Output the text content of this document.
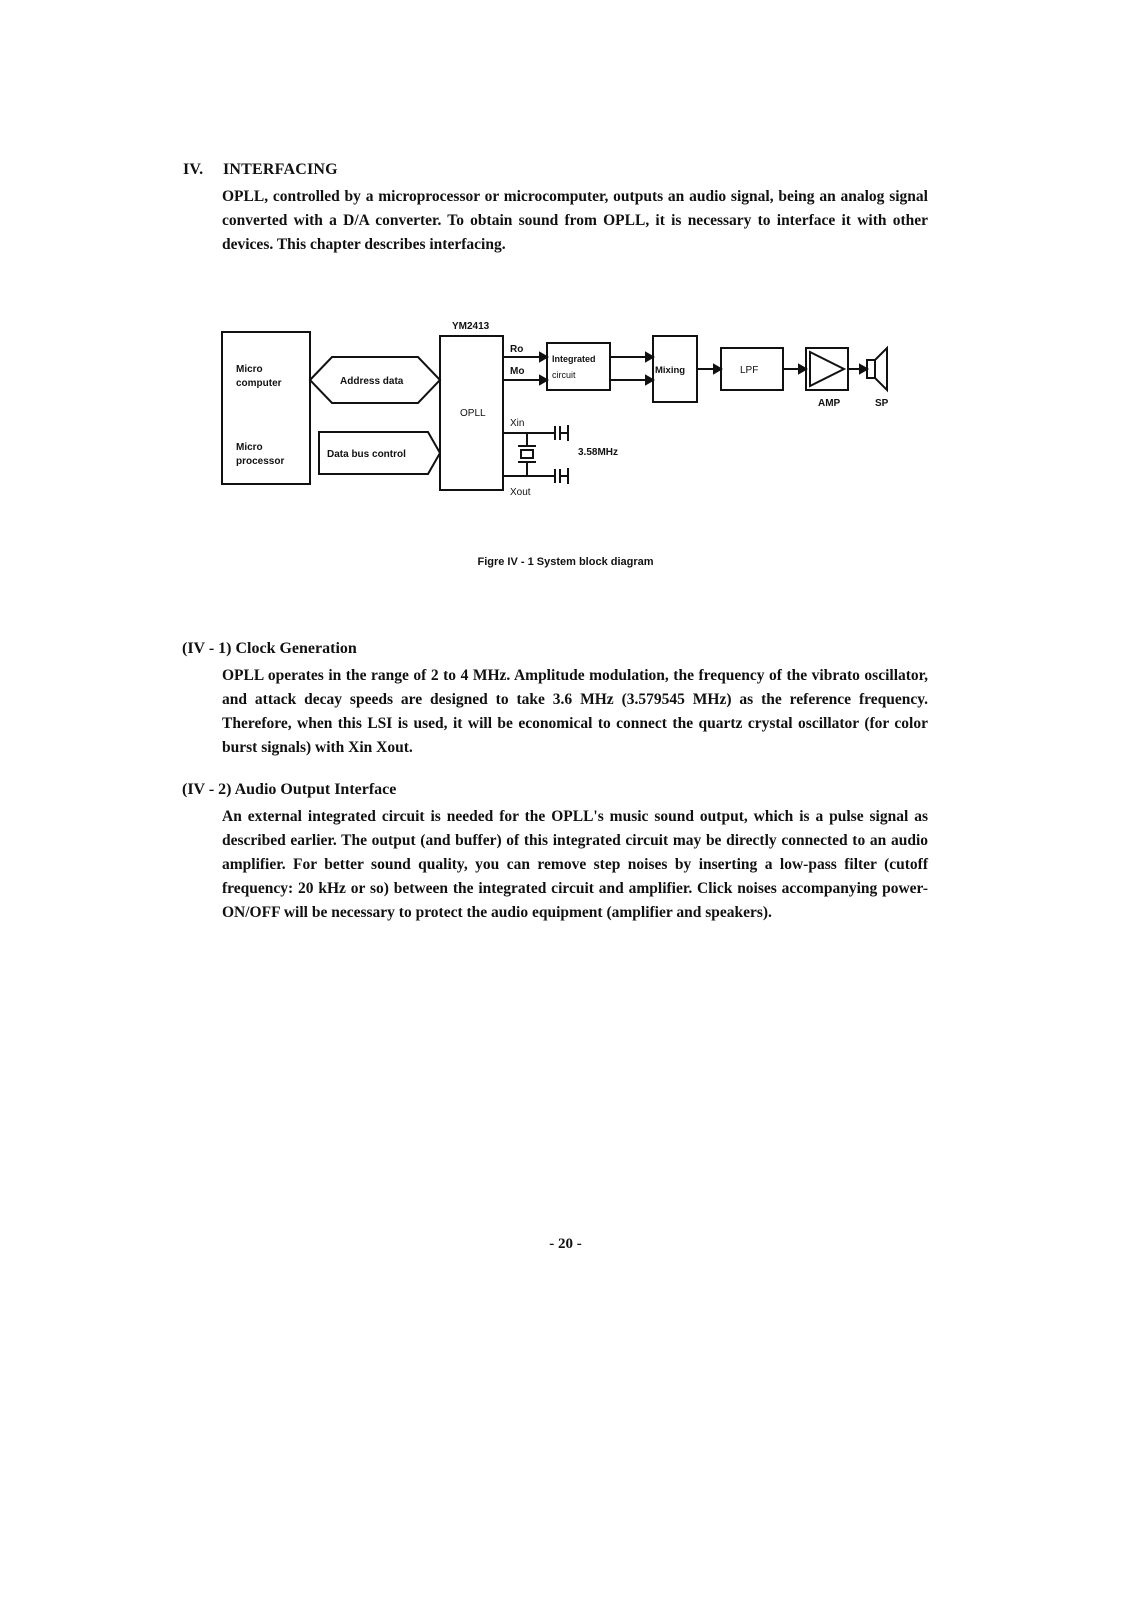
IV. INTERFACING
OPLL, controlled by a microprocessor or microcomputer, outputs an audio signal, being an analog signal converted with a D/A converter. To obtain sound from OPLL, it is necessary to interface it with other devices. This chapter describes interfacing.
Micro
computer
Micro
processor
Address data
Data bus control
YM2413
OPLL
Ro
Mo
Integrated
circuit	Mixing	LPF
AMP	SP
Xin
Xout
3.58MHz
Figre IV - 1 System block diagram
(IV - 1) Clock Generation
OPLL operates in the range of 2 to 4 MHz. Amplitude modulation, the frequency of the vibrato oscillator, and attack decay speeds are designed to take 3.6 MHz (3.579545 MHz) as the reference frequency. Therefore, when this LSI is used, it will be economical to connect the quartz crystal oscillator (for color burst signals) with Xin Xout.
(IV - 2) Audio Output Interface
An external integrated circuit is needed for the OPLL's music sound output, which is a pulse signal as described earlier. The output (and buffer) of this integrated circuit may be directly connected to an audio amplifier. For better sound quality, you can remove step noises by inserting a low-pass filter (cutoff frequency: 20 kHz or so) between the integrated circuit and amplifier. Click noises accompanying power-ON/OFF will be necessary to protect the audio equipment (amplifier and speakers).
- 20 -
